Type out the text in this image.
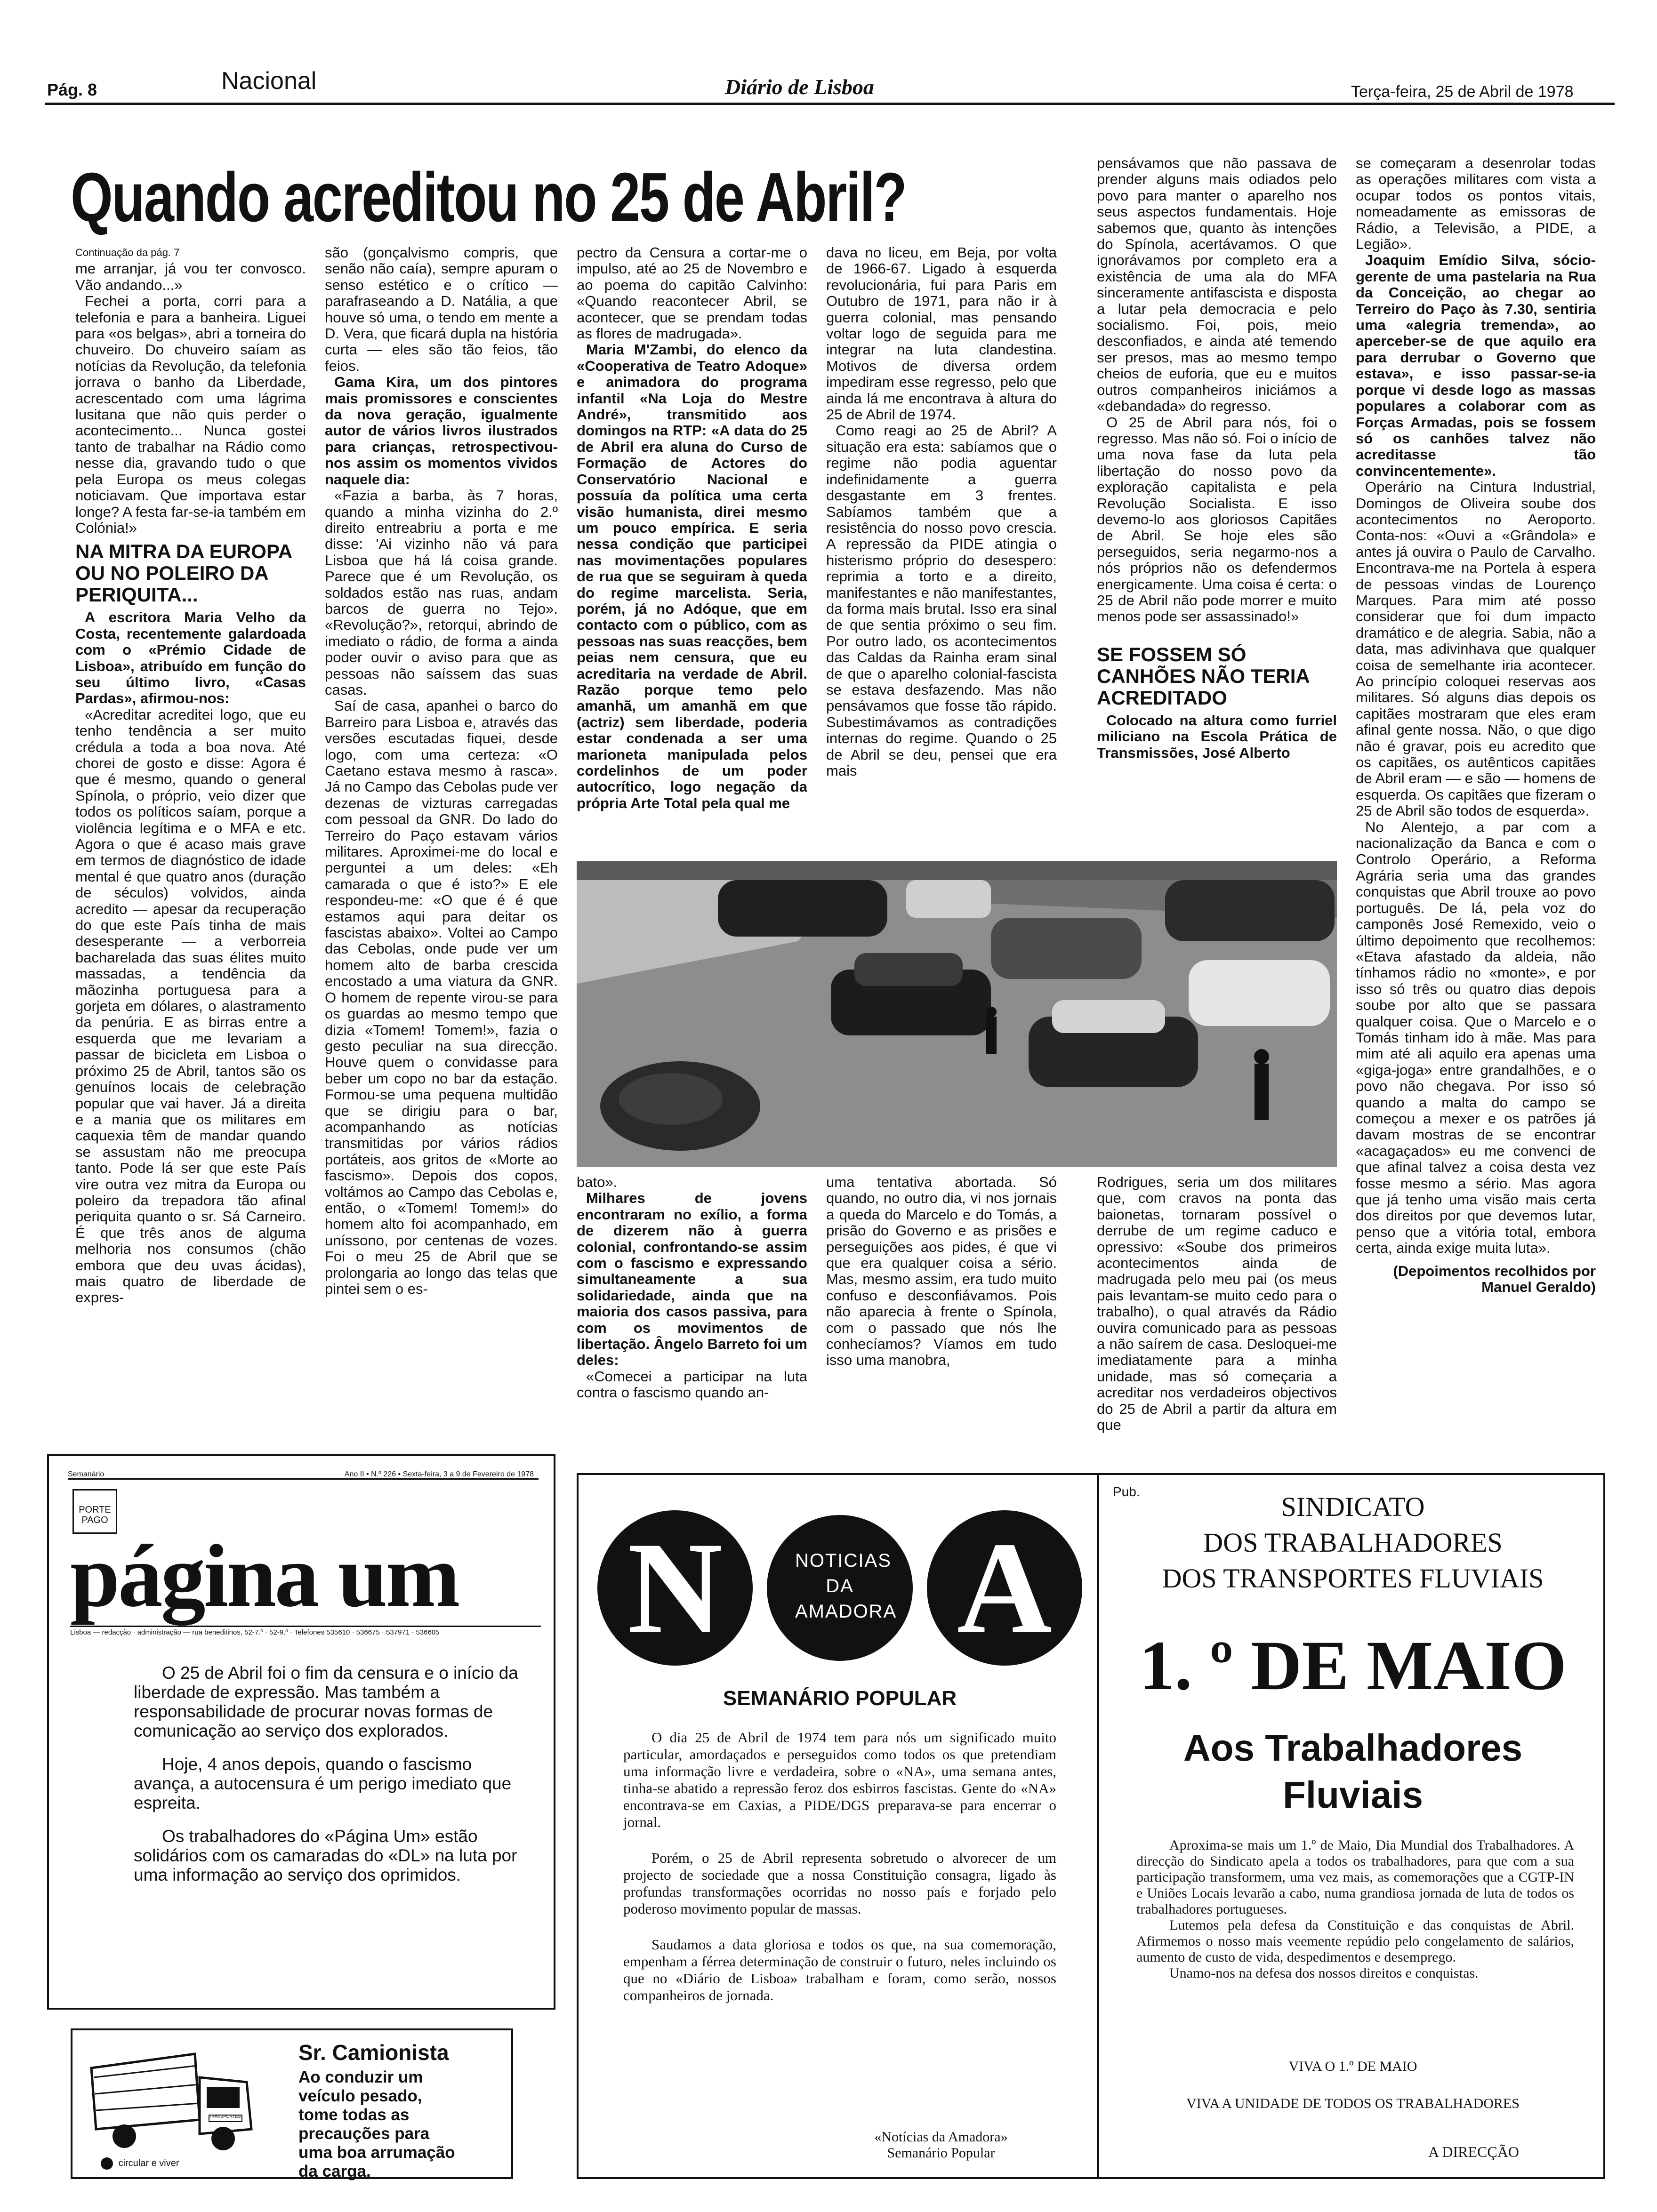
Pág. 8	Nacional	Diário de Lisboa	Terça-feira, 25 de Abril de 1978
Quando acreditou no 25 de Abril?

Continuação da pág. 7

me arranjar, já vou ter convosco. Vão andando...»

Fechei a porta, corri para a telefonia e para a banheira. Liguei para «os belgas», abri a torneira do chuveiro. Do chuveiro saíam as notícias da Revolução, da telefonia jorrava o banho da Liberdade, acrescentado com uma lágrima lusitana que não quis perder o acontecimento... Nunca gostei tanto de trabalhar na Rádio como nesse dia, gravando tudo o que pela Europa os meus colegas noticiavam. Que importava estar longe? A festa far-se-ia também em Colónia!»

NA MITRA DA EUROPA OU NO POLEIRO DA PERIQUITA...

A escritora Maria Velho da Costa, recentemente galardoada com o «Prémio Cidade de Lisboa», atribuído em função do seu último livro, «Casas Pardas», afirmou-nos:

«Acreditar acreditei logo, que eu tenho tendência a ser muito crédula a toda a boa nova. Até chorei de gosto e disse: Agora é que é mesmo, quando o general Spínola, o próprio, veio dizer que todos os políticos saíam, porque a violência legítima e o MFA e etc. Agora o que é acaso mais grave em termos de diagnóstico de idade mental é que quatro anos (duração de séculos) volvidos, ainda acredito — apesar da recuperação do que este País tinha de mais desesperante — a verborreia bacharelada das suas élites muito massadas, a tendência da mãozinha portuguesa para a gorjeta em dólares, o alastramento da penúria. E as birras entre a esquerda que me levariam a passar de bicicleta em Lisboa o próximo 25 de Abril, tantos são os genuínos locais de celebração popular que vai haver. Já a direita e a mania que os militares em caquexia têm de mandar quando se assustam não me preocupa tanto. Pode lá ser que este País vire outra vez mitra da Europa ou poleiro da trepadora tão afinal periquita quanto o sr. Sá Carneiro. É que três anos de alguma melhoria nos consumos (chão embora que deu uvas ácidas), mais quatro de liberdade de expres-

são (gonçalvismo compris, que senão não caía), sempre apuram o senso estético e o crítico — parafraseando a D. Natália, a que houve só uma, o tendo em mente a D. Vera, que ficará dupla na história curta — eles são tão feios, tão feios.

Gama Kira, um dos pintores mais promissores e conscientes da nova geração, igualmente autor de vários livros ilustrados para crianças, retrospectivou-nos assim os momentos vividos naquele dia:

«Fazia a barba, às 7 horas, quando a minha vizinha do 2.º direito entreabriu a porta e me disse: 'Ai vizinho não vá para Lisboa que há lá coisa grande. Parece que é um Revolução, os soldados estão nas ruas, andam barcos de guerra no Tejo». «Revolução?», retorqui, abrindo de imediato o rádio, de forma a ainda poder ouvir o aviso para que as pessoas não saíssem das suas casas.

Saí de casa, apanhei o barco do Barreiro para Lisboa e, através das versões escutadas fiquei, desde logo, com uma certeza: «O Caetano estava mesmo à rasca». Já no Campo das Cebolas pude ver dezenas de vizturas carregadas com pessoal da GNR. Do lado do Terreiro do Paço estavam vários militares. Aproximei-me do local e perguntei a um deles: «Eh camarada o que é isto?» E ele respondeu-me: «O que é é que estamos aqui para deitar os fascistas abaixo». Voltei ao Campo das Cebolas, onde pude ver um homem alto de barba crescida encostado a uma viatura da GNR. O homem de repente virou-se para os guardas ao mesmo tempo que dizia «Tomem! Tomem!», fazia o gesto peculiar na sua direcção. Houve quem o convidasse para beber um copo no bar da estação. Formou-se uma pequena multidão que se dirigiu para o bar, acompanhando as notícias transmitidas por vários rádios portáteis, aos gritos de «Morte ao fascismo». Depois dos copos, voltámos ao Campo das Cebolas e, então, o «Tomem! Tomem!» do homem alto foi acompanhado, em uníssono, por centenas de vozes. Foi o meu 25 de Abril que se prolongaria ao longo das telas que pintei sem o es-

pectro da Censura a cortar-me o impulso, até ao 25 de Novembro e ao poema do capitão Calvinho: «Quando reacontecer Abril, se acontecer, que se prendam todas as flores de madrugada».

Maria M'Zambi, do elenco da «Cooperativa de Teatro Adoque» e animadora do programa infantil «Na Loja do Mestre André», transmitido aos domingos na RTP: «A data do 25 de Abril era aluna do Curso de Formação de Actores do Conservatório Nacional e possuía da política uma certa visão humanista, direi mesmo um pouco empírica. E seria nessa condição que participei nas movimentações populares de rua que se seguiram à queda do regime marcelista. Seria, porém, já no Adóque, que em contacto com o público, com as pessoas nas suas reacções, bem peias nem censura, que eu acreditaria na verdade de Abril. Razão porque temo pelo amanhã, um amanhã em que (actriz) sem liberdade, poderia estar condenada a ser uma marioneta manipulada pelos cordelinhos de um poder autocrítico, logo negação da própria Arte Total pela qual me

dava no liceu, em Beja, por volta de 1966-67. Ligado à esquerda revolucionária, fui para Paris em Outubro de 1971, para não ir à guerra colonial, mas pensando voltar logo de seguida para me integrar na luta clandestina. Motivos de diversa ordem impediram esse regresso, pelo que ainda lá me encontrava à altura do 25 de Abril de 1974.

Como reagi ao 25 de Abril? A situação era esta: sabíamos que o regime não podia aguentar indefinidamente a guerra desgastante em 3 frentes. Sabíamos também que a resistência do nosso povo crescia. A repressão da PIDE atingia o histerismo próprio do desespero: reprimia a torto e a direito, manifestantes e não manifestantes, da forma mais brutal. Isso era sinal de que sentia próximo o seu fim. Por outro lado, os acontecimentos das Caldas da Rainha eram sinal de que o aparelho colonial-fascista se estava desfazendo. Mas não pensávamos que fosse tão rápido. Subestimávamos as contradições internas do regime. Quando o 25 de Abril se deu, pensei que era mais

pensávamos que não passava de prender alguns mais odiados pelo povo para manter o aparelho nos seus aspectos fundamentais. Hoje sabemos que, quanto às intenções do Spínola, acertávamos. O que ignorávamos por completo era a existência de uma ala do MFA sinceramente antifascista e disposta a lutar pela democracia e pelo socialismo. Foi, pois, meio desconfiados, e ainda até temendo ser presos, mas ao mesmo tempo cheios de euforia, que eu e muitos outros companheiros iniciámos a «debandada» do regresso.

O 25 de Abril para nós, foi o regresso. Mas não só. Foi o início de uma nova fase da luta pela libertação do nosso povo da exploração capitalista e pela Revolução Socialista. E isso devemo-lo aos gloriosos Capitães de Abril. Se hoje eles são perseguidos, seria negarmo-nos a nós próprios não os defendermos energicamente. Uma coisa é certa: o 25 de Abril não pode morrer e muito menos pode ser assassinado!»

SE FOSSEM SÓ CANHÕES NÃO TERIA ACREDITADO

Colocado na altura como furriel miliciano na Escola Prática de Transmissões, José Alberto

se começaram a desenrolar todas as operações militares com vista a ocupar todos os pontos vitais, nomeadamente as emissoras de Rádio, a Televisão, a PIDE, a Legião».

Joaquim Emídio Silva, sócio-gerente de uma pastelaria na Rua da Conceição, ao chegar ao Terreiro do Paço às 7.30, sentiria uma «alegria tremenda», ao aperceber-se de que aquilo era para derrubar o Governo que estava», e isso passar-se-ia porque vi desde logo as massas populares a colaborar com as Forças Armadas, pois se fossem só os canhões talvez não acreditasse tão convincentemente».

Operário na Cintura Industrial, Domingos de Oliveira soube dos acontecimentos no Aeroporto. Conta-nos: «Ouvi a «Grândola» e antes já ouvira o Paulo de Carvalho. Encontrava-me na Portela à espera de pessoas vindas de Lourenço Marques. Para mim até posso considerar que foi dum impacto dramático e de alegria. Sabia, não a data, mas adivinhava que qualquer coisa de semelhante iria acontecer. Ao princípio coloquei reservas aos militares. Só alguns dias depois os capitães mostraram que eles eram afinal gente nossa. Não, o que digo não é gravar, pois eu acredito que os capitães, os autênticos capitães de Abril eram — e são — homens de esquerda. Os capitães que fizeram o 25 de Abril são todos de esquerda».

No Alentejo, a par com a nacionalização da Banca e com o Controlo Operário, a Reforma Agrária seria uma das grandes conquistas que Abril trouxe ao povo português. De lá, pela voz do camponês José Remexido, veio o último depoimento que recolhemos: «Etava afastado da aldeia, não tínhamos rádio no «monte», e por isso só três ou quatro dias depois soube por alto que se passara qualquer coisa. Que o Marcelo e o Tomás tinham ido à mãe. Mas para mim até ali aquilo era apenas uma «giga-joga» entre grandalhões, e o povo não chegava. Por isso só quando a malta do campo se começou a mexer e os patrões já davam mostras de se encontrar «acagaçados» eu me convenci de que afinal talvez a coisa desta vez fosse mesmo a sério. Mas agora que já tenho uma visão mais certa dos direitos por que devemos lutar, penso que a vitória total, embora certa, ainda exige muita luta».

(Depoimentos recolhidos por Manuel Geraldo)

bato».

Milhares de jovens encontraram no exílio, a forma de dizerem não à guerra colonial, confrontando-se assim com o fascismo e expressando simultaneamente a sua solidariedade, ainda que na maioria dos casos passiva, para com os movimentos de libertação. Ângelo Barreto foi um deles:

«Comecei a participar na luta contra o fascismo quando an-

uma tentativa abortada. Só quando, no outro dia, vi nos jornais a queda do Marcelo e do Tomás, a prisão do Governo e as prisões e perseguições aos pides, é que vi que era qualquer coisa a sério. Mas, mesmo assim, era tudo muito confuso e desconfiávamos. Pois não aparecia à frente o Spínola, com o passado que nós lhe conhecíamos? Víamos em tudo isso uma manobra,

Rodrigues, seria um dos militares que, com cravos na ponta das baionetas, tornaram possível o derrube de um regime caduco e opressivo: «Soube dos primeiros acontecimentos ainda de madrugada pelo meu pai (os meus pais levantam-se muito cedo para o trabalho), o qual através da Rádio ouvira comunicado para as pessoas a não saírem de casa. Desloquei-me imediatamente para a minha unidade, mas só começaria a acreditar nos verdadeiros objectivos do 25 de Abril a partir da altura em que

Semanário	Ano II • N.º 226 • Sexta-feira, 3 a 9 de Fevereiro de 1978
PORTE
PAGO
página um
Lisboa — redacção · administração — rua beneditinos, 52-7.º · 52-9.º · Telefones 535610 · 536675 · 537971 · 536605

O 25 de Abril foi o fim da censura e o início da liberdade de expressão. Mas também a responsabilidade de procurar novas formas de comunicação ao serviço dos explorados.

Hoje, 4 anos depois, quando o fascismo avança, a autocensura é um perigo imediato que espreita.

Os trabalhadores do «Página Um» estão solidários com os camaradas do «DL» na luta por uma informação ao serviço dos oprimidos.

TRANSPORTES
Sr. Camionista
Ao conduzir um veículo pesado, tome todas as precauções para uma boa arrumação da carga.
circular e viver
N	NOTICIAS DA AMADORA A
SEMANÁRIO POPULAR

O dia 25 de Abril de 1974 tem para nós um significado muito particular, amordaçados e perseguidos como todos os que pretendiam uma informação livre e verdadeira, sobre o «NA», uma semana antes, tinha-se abatido a repressão feroz dos esbirros fascistas. Gente do «NA» encontrava-se em Caxias, a PIDE/DGS preparava-se para encerrar o jornal.

Porém, o 25 de Abril representa sobretudo o alvorecer de um projecto de sociedade que a nossa Constituição consagra, ligado às profundas transformações ocorridas no nosso país e forjado pelo poderoso movimento popular de massas.

Saudamos a data gloriosa e todos os que, na sua comemoração, empenham a férrea determinação de construir o futuro, neles incluindo os que no «Diário de Lisboa» trabalham e foram, como serão, nossos companheiros de jornada.

«Notícias da Amadora»
Semanário Popular
Pub.	SINDICATO
DOS TRABALHADORES
DOS TRANSPORTES FLUVIAIS
1. º DE MAIO
Aos Trabalhadores
Fluviais

Aproxima-se mais um 1.º de Maio, Dia Mundial dos Trabalhadores. A direcção do Sindicato apela a todos os trabalhadores, para que com a sua participação transformem, uma vez mais, as comemorações que a CGTP-IN e Uniões Locais levarão a cabo, numa grandiosa jornada de luta de todos os trabalhadores portugueses.

Lutemos pela defesa da Constituição e das conquistas de Abril. Afirmemos o nosso mais veemente repúdio pelo congelamento de salários, aumento de custo de vida, despedimentos e desemprego.

Unamo-nos na defesa dos nossos direitos e conquistas.

VIVA O 1.º DE MAIO
VIVA A UNIDADE DE TODOS OS TRABALHADORES
A DIRECÇÃO
